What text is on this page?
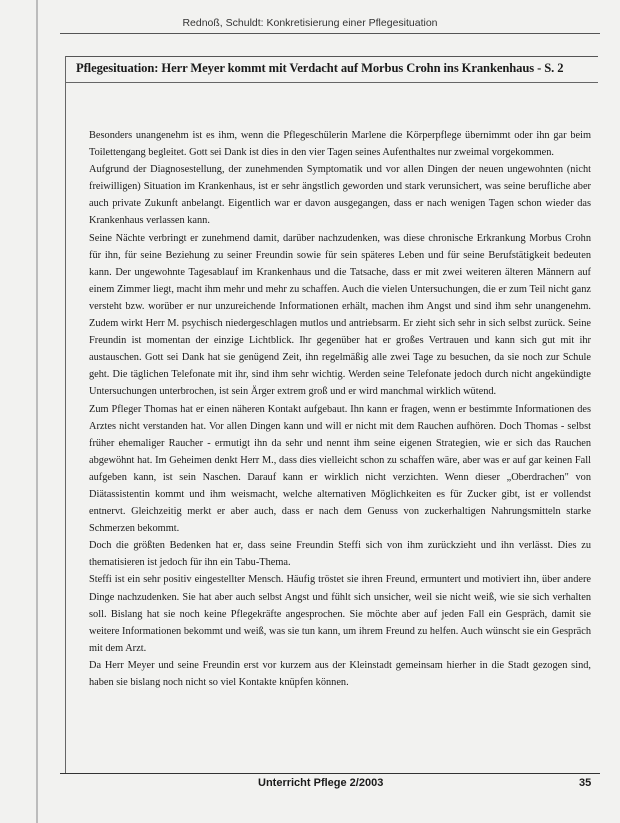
Rednoß, Schuldt: Konkretisierung einer Pflegesituation
Pflegesituation: Herr Meyer kommt mit Verdacht auf Morbus Crohn ins Krankenhaus - S. 2

Besonders unangenehm ist es ihm, wenn die Pflegeschülerin Marlene die Körperpflege übernimmt oder ihn gar beim Toilettengang begleitet. Gott sei Dank ist dies in den vier Tagen seines Aufenthaltes nur zweimal vorgekommen.

Aufgrund der Diagnosestellung, der zunehmenden Symptomatik und vor allen Dingen der neuen ungewohnten (nicht freiwilligen) Situation im Krankenhaus, ist er sehr ängstlich geworden und stark verunsichert, was seine berufliche aber auch private Zukunft anbelangt. Eigentlich war er davon ausgegangen, dass er nach wenigen Tagen schon wieder das Krankenhaus verlassen kann.

Seine Nächte verbringt er zunehmend damit, darüber nachzudenken, was diese chronische Erkrankung Morbus Crohn für ihn, für seine Beziehung zu seiner Freundin sowie für sein späteres Leben und für seine Berufstätigkeit bedeuten kann. Der ungewohnte Tagesablauf im Krankenhaus und die Tatsache, dass er mit zwei weiteren älteren Männern auf einem Zimmer liegt, macht ihm mehr und mehr zu schaffen. Auch die vielen Untersuchungen, die er zum Teil nicht ganz versteht bzw. worüber er nur unzureichende Informationen erhält, machen ihm Angst und sind ihm sehr unangenehm. Zudem wirkt Herr M. psychisch niedergeschlagen mutlos und antriebsarm. Er zieht sich sehr in sich selbst zurück. Seine Freundin ist momentan der einzige Lichtblick. Ihr gegenüber hat er großes Vertrauen und kann sich gut mit ihr austauschen. Gott sei Dank hat sie genügend Zeit, ihn regelmäßig alle zwei Tage zu besuchen, da sie noch zur Schule geht. Die täglichen Telefonate mit ihr, sind ihm sehr wichtig. Werden seine Telefonate jedoch durch nicht angekündigte Untersuchungen unterbrochen, ist sein Ärger extrem groß und er wird manchmal wirklich wütend.

Zum Pfleger Thomas hat er einen näheren Kontakt aufgebaut. Ihn kann er fragen, wenn er bestimmte Informationen des Arztes nicht verstanden hat. Vor allen Dingen kann und will er nicht mit dem Rauchen aufhören. Doch Thomas - selbst früher ehemaliger Raucher - ermutigt ihn da sehr und nennt ihm seine eigenen Strategien, wie er sich das Rauchen abgewöhnt hat. Im Geheimen denkt Herr M., dass dies vielleicht schon zu schaffen wäre, aber was er auf gar keinen Fall aufgeben kann, ist sein Naschen. Darauf kann er wirklich nicht verzichten. Wenn dieser „Oberdrachen" von Diätassistentin kommt und ihm weismacht, welche alternativen Möglichkeiten es für Zucker gibt, ist er vollendst entnervt. Gleichzeitig merkt er aber auch, dass er nach dem Genuss von zuckerhaltigen Nahrungsmitteln starke Schmerzen bekommt.

Doch die größten Bedenken hat er, dass seine Freundin Steffi sich von ihm zurückzieht und ihn verlässt. Dies zu thematisieren ist jedoch für ihn ein Tabu-Thema.

Steffi ist ein sehr positiv eingestellter Mensch. Häufig tröstet sie ihren Freund, ermuntert und motiviert ihn, über andere Dinge nachzudenken. Sie hat aber auch selbst Angst und fühlt sich unsicher, weil sie nicht weiß, wie sie sich verhalten soll. Bislang hat sie noch keine Pflegekräfte angesprochen. Sie möchte aber auf jeden Fall ein Gespräch, damit sie weitere Informationen bekommt und weiß, was sie tun kann, um ihrem Freund zu helfen. Auch wünscht sie ein Gespräch mit dem Arzt.

Da Herr Meyer und seine Freundin erst vor kurzem aus der Kleinstadt gemeinsam hierher in die Stadt gezogen sind, haben sie bislang noch nicht so viel Kontakte knüpfen können.

Unterricht Pflege 2/2003	35
